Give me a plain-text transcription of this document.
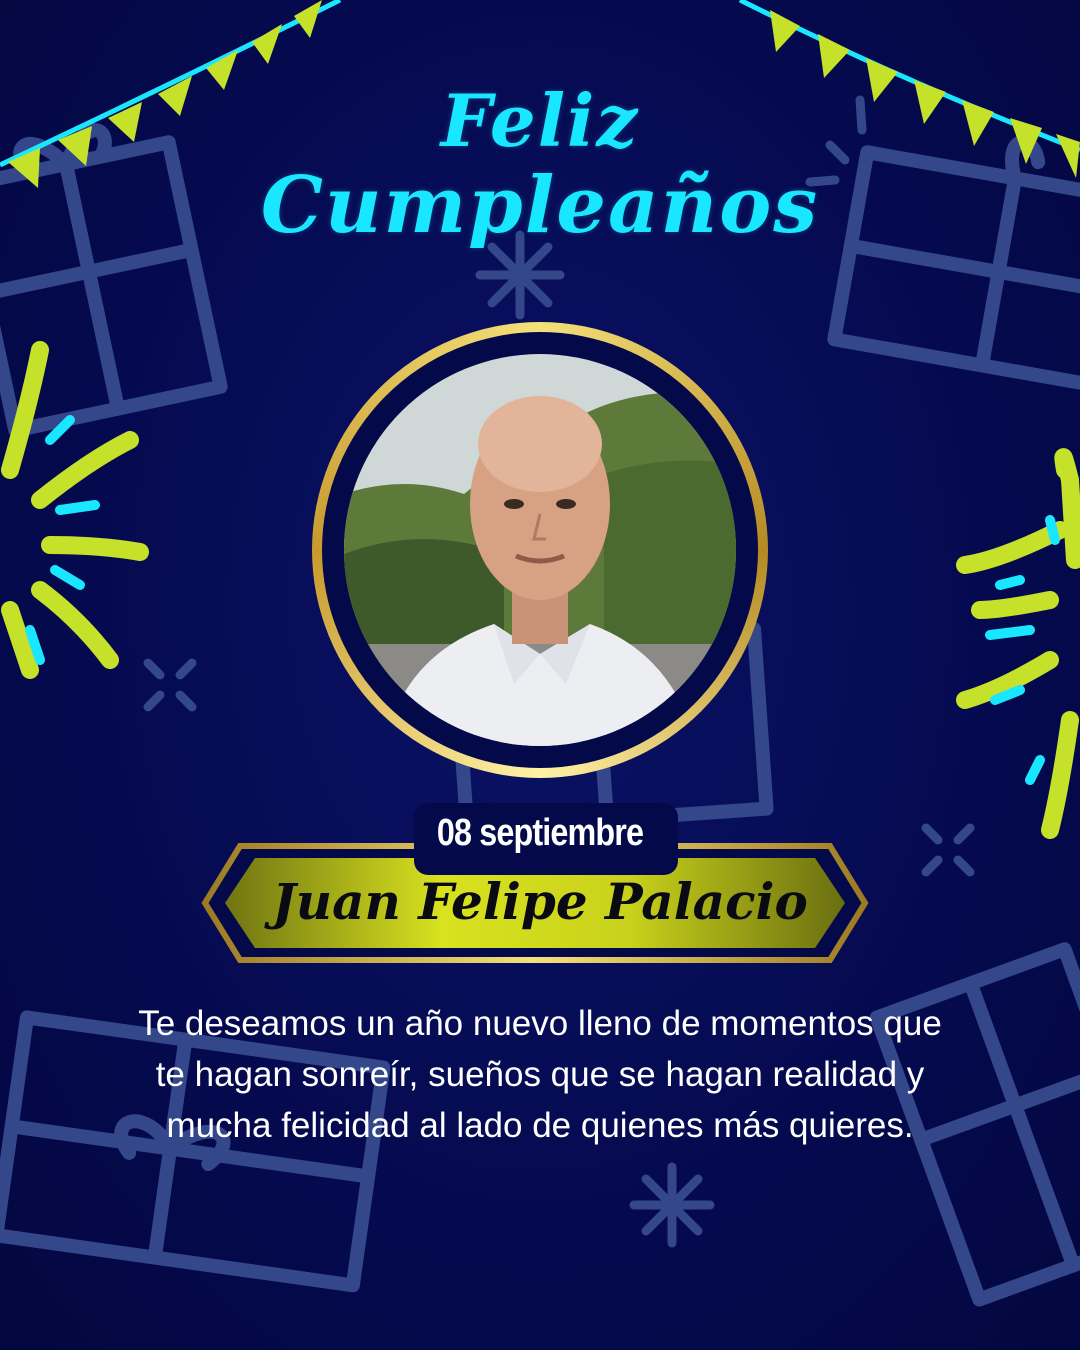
Feliz
Cumpleaños
08 septiembre
Juan Felipe Palacio
Te deseamos un año nuevo lleno de momentos que
te hagan sonreír, sueños que se hagan realidad y
mucha felicidad al lado de quienes más quieres.
